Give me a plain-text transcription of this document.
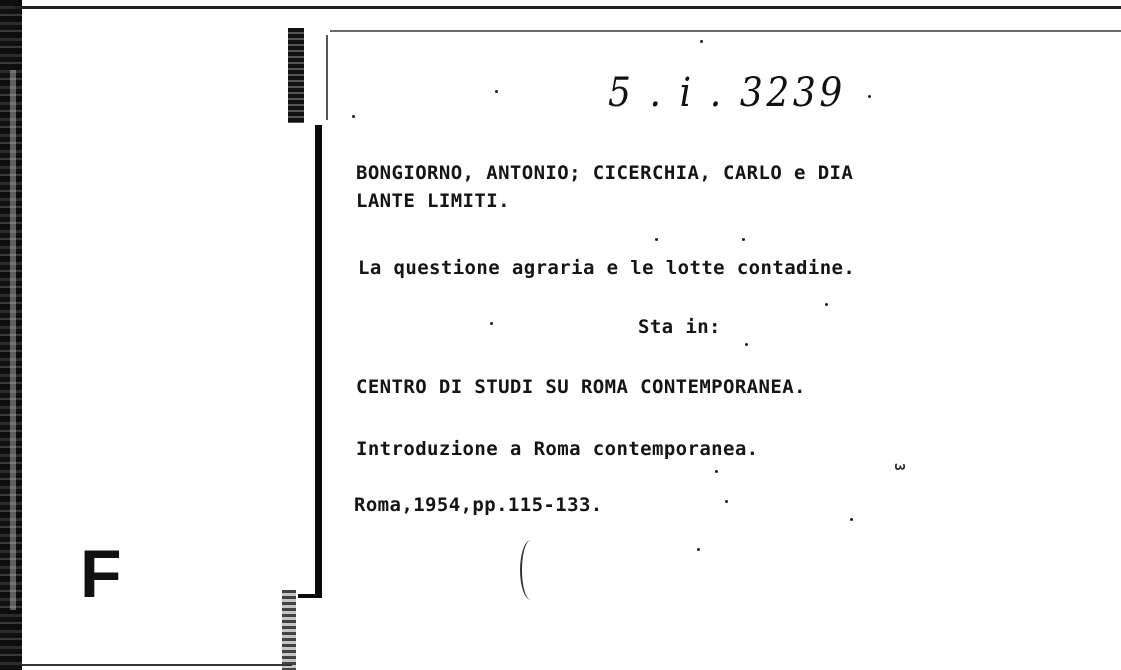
5 . i . 3239
BONGIORNO, ANTONIO; CICERCHIA, CARLO e DIA
LANTE LIMITI.
La questione agraria e le lotte contadine.
Sta in:
CENTRO DI STUDI SU ROMA CONTEMPORANEA.
Introduzione a Roma contemporanea.
Roma,1954,pp.115-133.
3
F
